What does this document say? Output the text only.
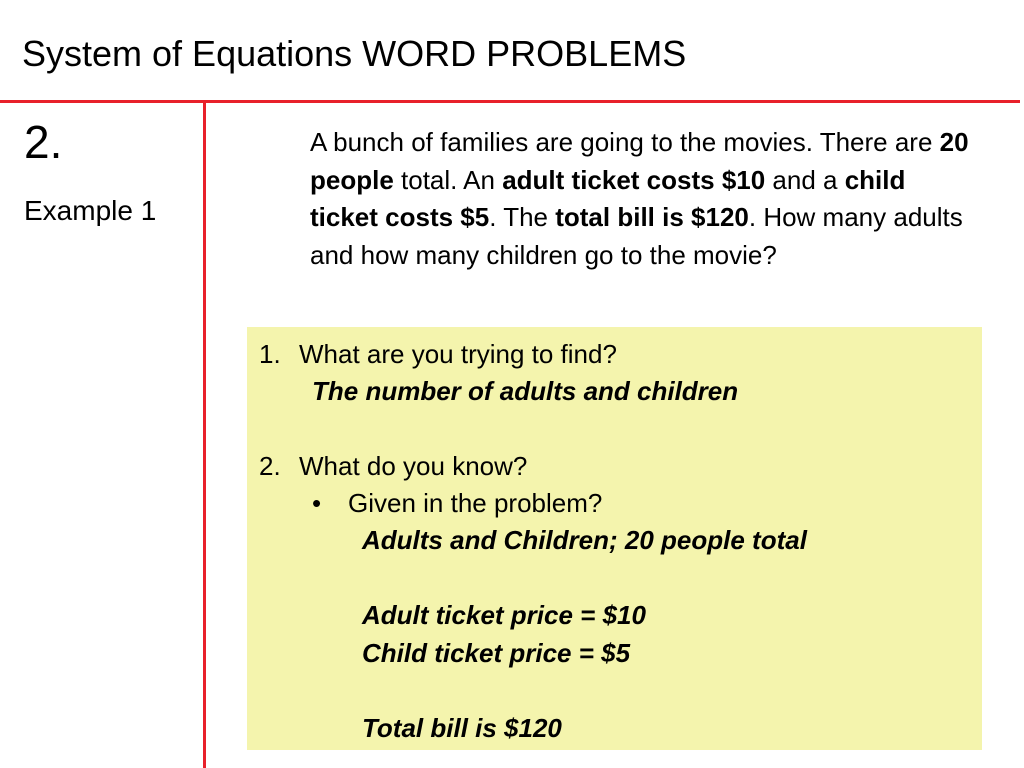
System of Equations WORD PROBLEMS
2.
Example 1
A bunch of families are going to the movies. There are 20 people total. An adult ticket costs $10 and a child ticket costs $5. The total bill is $120. How many adults and how many children go to the movie?
1. What are you trying to find?
The number of adults and children
2. What do you know?
• Given in the problem?
Adults and Children; 20 people total
Adult ticket price = $10
Child ticket price = $5
Total bill is $120
